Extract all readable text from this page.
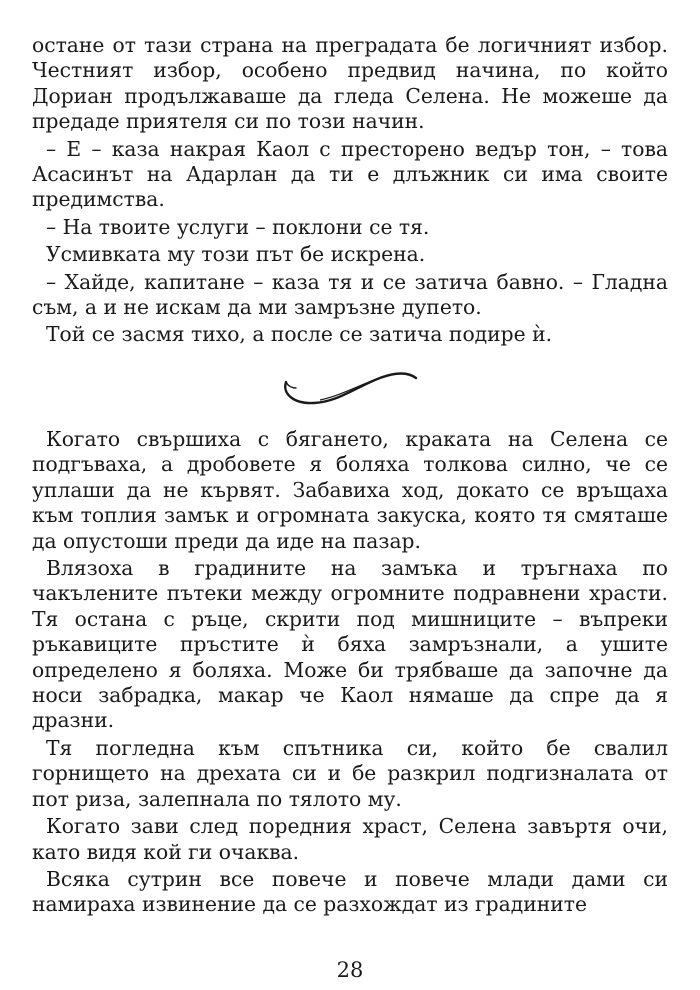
остане от тази страна на преградата бе логичният избор. Честният избор, особено предвид начина, по който Дориан продължаваше да гледа Селена. Не можеше да предаде приятеля си по този начин.

– Е – каза накрая Каол с престорено ведър тон, – това Асасинът на Адарлан да ти е длъжник си има своите предимства.

– На твоите услуги – поклони се тя.

Усмивката му този път бе искрена.

– Хайде, капитане – каза тя и се затича бавно. – Гладна съм, а и не искам да ми замръзне дупето.

Той се засмя тихо, а после се затича подире ѝ.

Когато свършиха с бягането, краката на Селена се подгъваха, а дробовете я боляха толкова силно, че се уплаши да не кървят. Забавиха ход, докато се връщаха към топлия замък и огромната закуска, която тя смяташе да опустоши преди да иде на пазар.

Влязоха в градините на замъка и тръгнаха по чакълените пътеки между огромните подравнени храсти. Тя остана с ръце, скрити под мишниците – въпреки ръкавиците пръстите ѝ бяха замръзнали, а ушите определено я боляха. Може би трябваше да започне да носи забрадка, макар че Каол нямаше да спре да я дразни.

Тя погледна към спътника си, който бе свалил горнището на дрехата си и бе разкрил подгизналата от пот риза, залепнала по тялото му.

Когато зави след поредния храст, Селена завъртя очи, като видя кой ги очаква.

Всяка сутрин все повече и повече млади дами си намираха извинение да се разхождат из градините

28
